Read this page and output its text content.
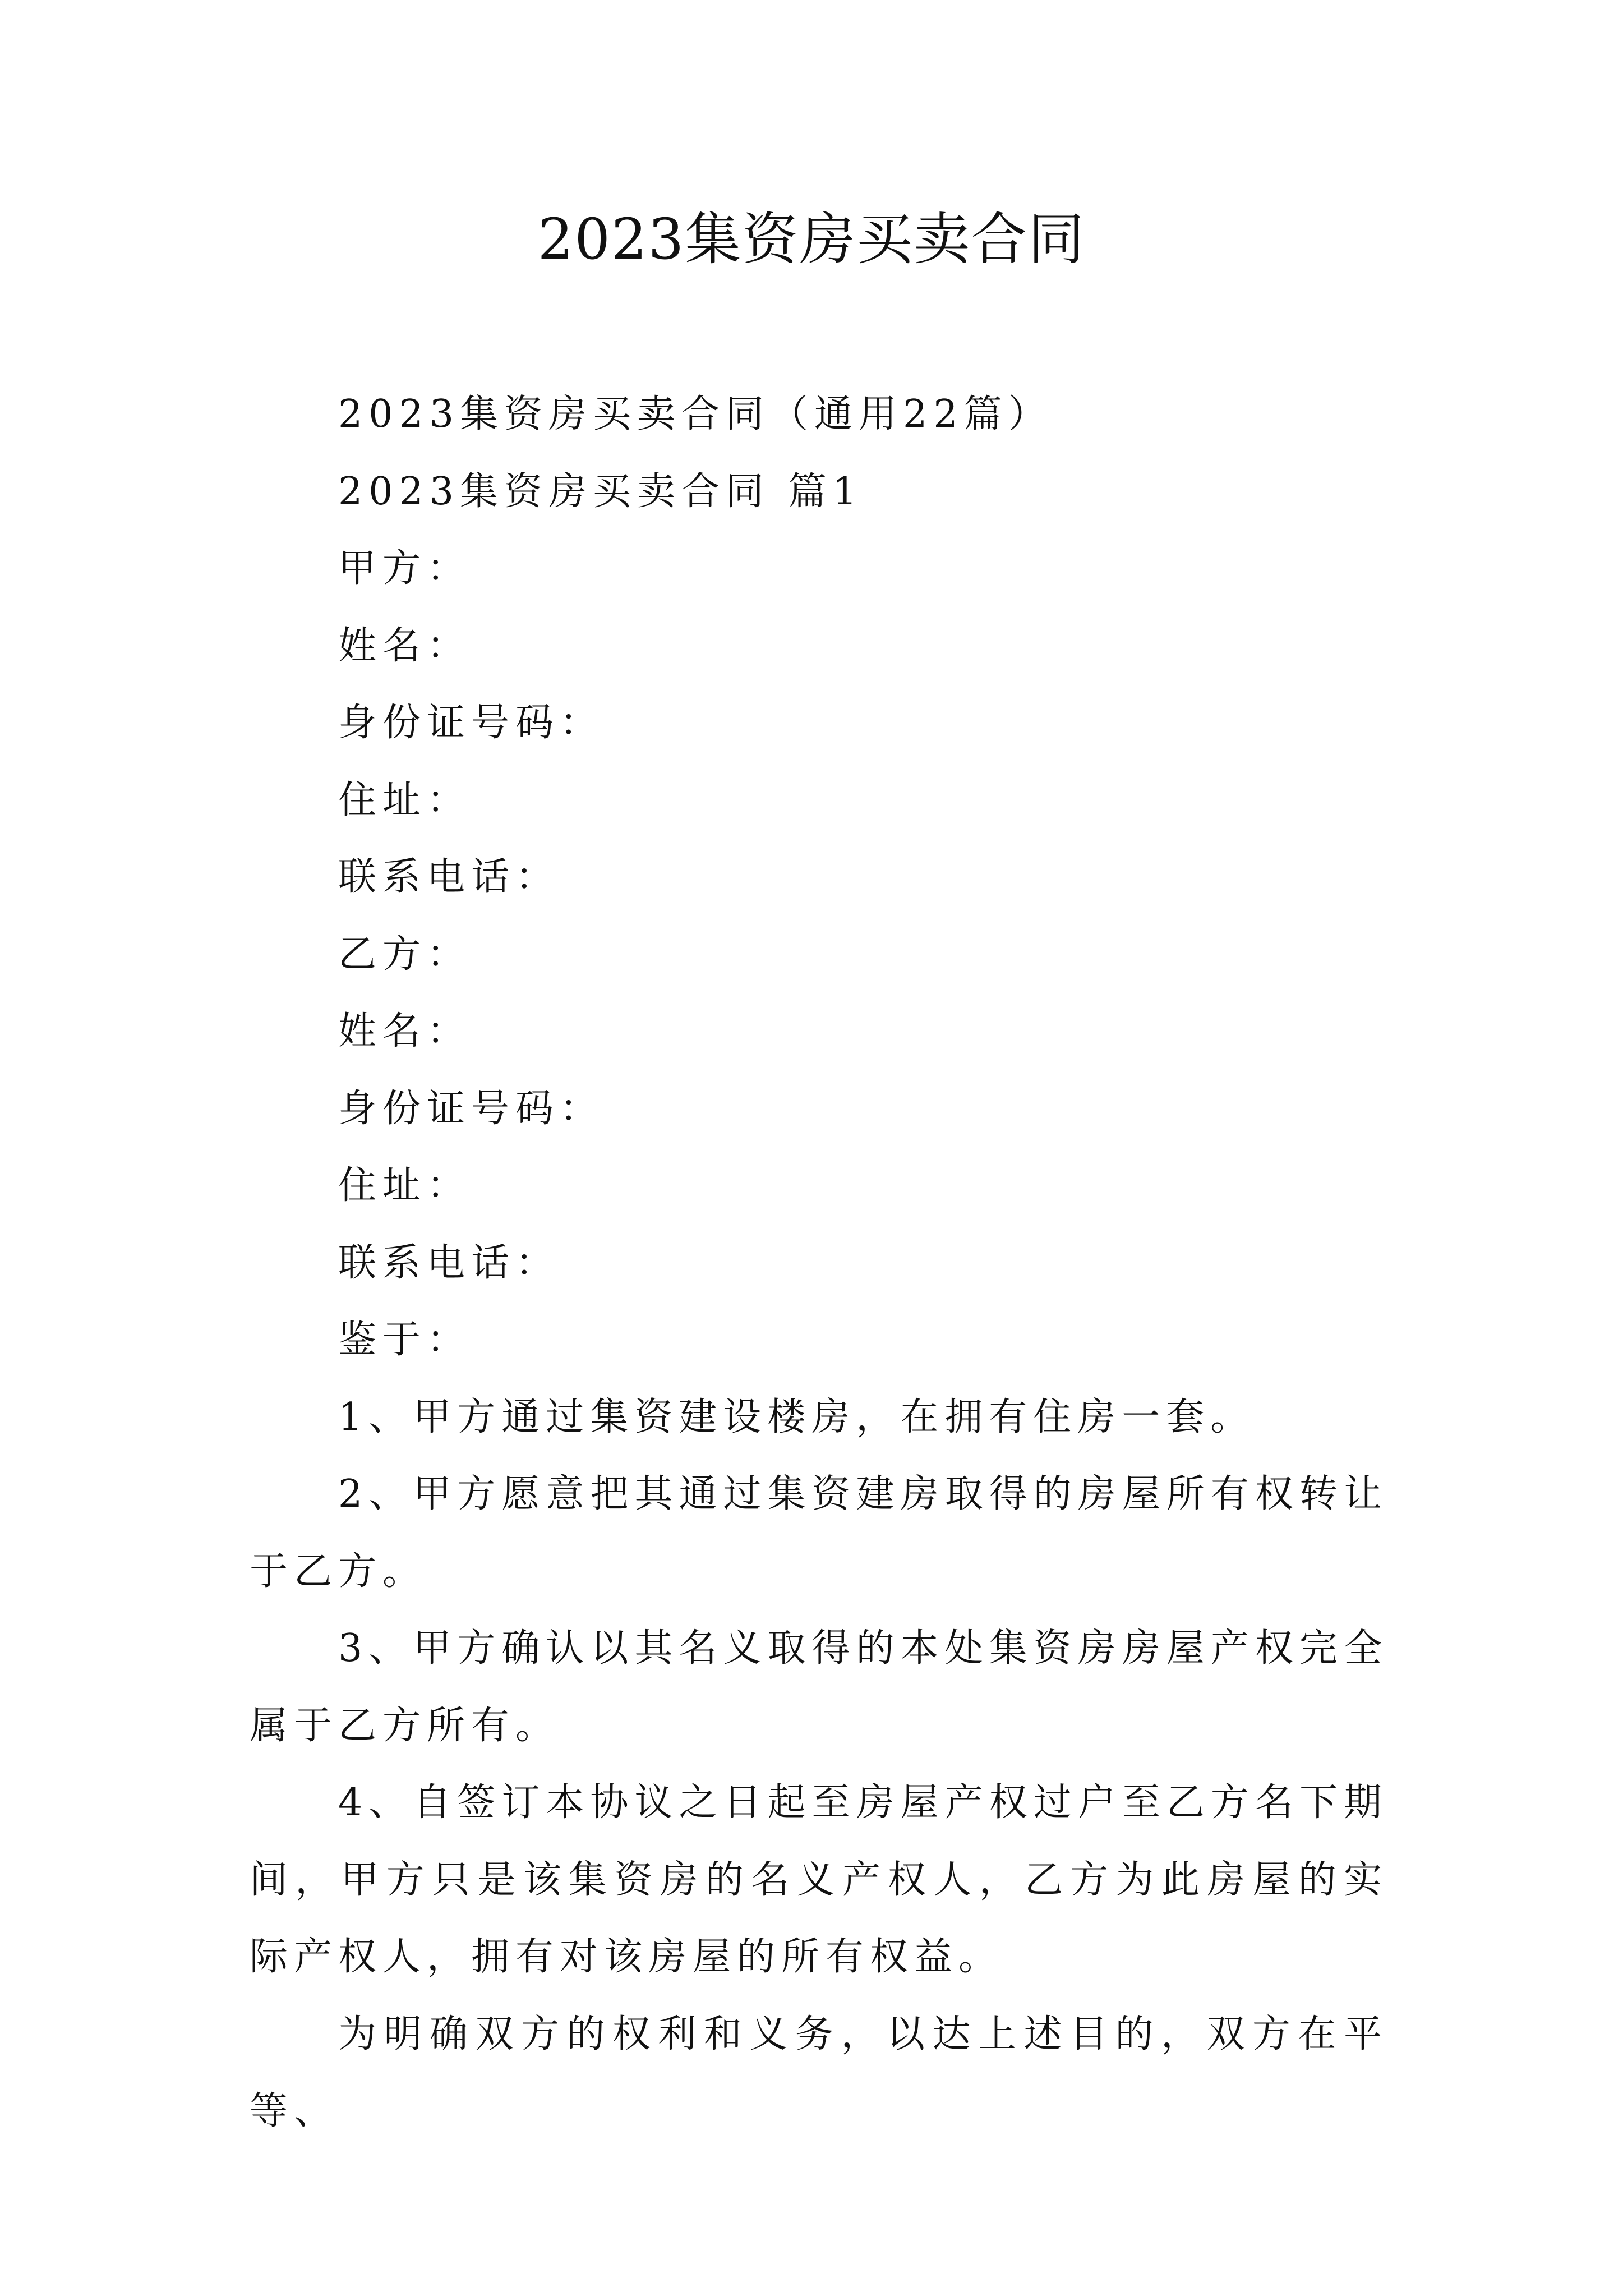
2023集资房买卖合同

2023集资房买卖合同（通用22篇）

2023集资房买卖合同 篇1

甲方：

姓名：

身份证号码：

住址：

联系电话：

乙方：

姓名：

身份证号码：

住址：

联系电话：

鉴于：

1、甲方通过集资建设楼房，在拥有住房一套。

2、甲方愿意把其通过集资建房取得的房屋所有权转让于乙方。

3、甲方确认以其名义取得的本处集资房房屋产权完全属于乙方所有。

4、自签订本协议之日起至房屋产权过户至乙方名下期间，甲方只是该集资房的名义产权人，乙方为此房屋的实际产权人，拥有对该房屋的所有权益。

为明确双方的权利和义务，以达上述目的，双方在平等、
